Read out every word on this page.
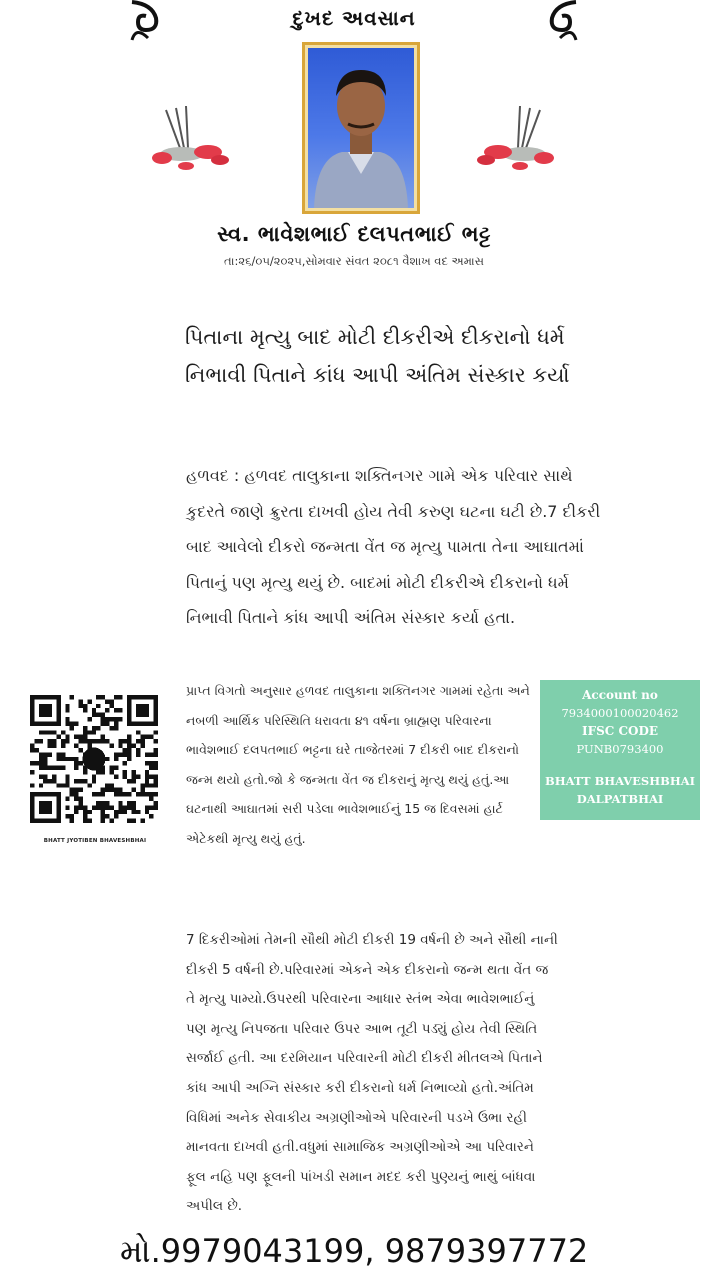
દુખદ અવસાન
સ્વ. ભાવેશભાઈ દલપતભાઈ ભટ્ટ
તા:૨૬/૦૫/૨૦૨૫,સોમવાર સંવત ૨૦૮૧ વૈશાખ વદ અમાસ
પિતાના મૃત્યુ બાદ મોટી દીકરીએ દીકરાનો ધર્મ
નિભાવી પિતાને કાંધ આપી અંતિમ સંસ્કાર કર્યા
હળવદ : હળવદ તાલુકાના શક્તિનગર ગામે એક પરિવાર સાથે કુદરતે જાણે ક્રુરતા દાખવી હોય તેવી કરુણ ઘટના ઘટી છે.7 દીકરી બાદ આવેલો દીકરો જન્મતા વેંત જ મૃત્યુ પામતા તેના આઘાતમાં પિતાનું પણ મૃત્યુ થયું છે. બાદમાં મોટી દીકરીએ દીકરાનો ધર્મ નિભાવી પિતાને કાંધ આપી અંતિમ સંસ્કાર કર્યા હતા.
BHATT JYOTIBEN BHAVESHBHAI
પ્રાપ્ત વિગતો અનુસાર હળવદ તાલુકાના શક્તિનગર ગામમાં રહેતા અને નબળી આર્થિક પરિસ્થિતિ ધરાવતા ૪૧ વર્ષના બ્રાહ્મણ પરિવારના ભાવેશભાઈ દલપતભાઈ ભટ્ટના ઘરે તાજેતરમાં 7 દીકરી બાદ દીકરાનો જન્મ થયો હતો.જો કે જન્મતા વેંત જ દીકરાનું મૃત્યુ થયું હતું.આ ઘટનાથી આઘાતમાં સરી પડેલા ભાવેશભાઈનું 15 જ દિવસમાં હાર્ટ એટેકથી મૃત્યુ થયું હતું.
Account no
7934000100020462
IFSC CODE
PUNB0793400
BHATT BHAVESHBHAI DALPATBHAI
7 દિકરીઓમાં તેમની સૌથી મોટી દીકરી 19 વર્ષની છે અને સૌથી નાની દીકરી 5 વર્ષની છે.પરિવારમાં એકને એક દીકરાનો જન્મ થતા વેંત જ તે મૃત્યુ પામ્યો.ઉપરથી પરિવારના આધાર સ્તંભ એવા ભાવેશભાઈનું પણ મૃત્યુ નિપજતા પરિવાર ઉપર આભ તૂટી પડ્યું હોય તેવી સ્થિતિ સર્જાઈ હતી. આ દરમિયાન પરિવારની મોટી દીકરી મીતલએ પિતાને કાંધ આપી અગ્નિ સંસ્કાર કરી દીકરાનો ધર્મ નિભાવ્યો હતો.અંતિમ વિધિમાં અનેક સેવાકીય અગ્રણીઓએ પરિવારની પડખે ઉભા રહી માનવતા દાખવી હતી.વધુમાં સામાજિક અગ્રણીઓએ આ પરિવારને ફૂલ નહિ પણ ફૂલની પાંખડી સમાન મદદ કરી પુણ્યનું ભાથું બાંધવા અપીલ છે.
મો.9979043199, 9879397772
